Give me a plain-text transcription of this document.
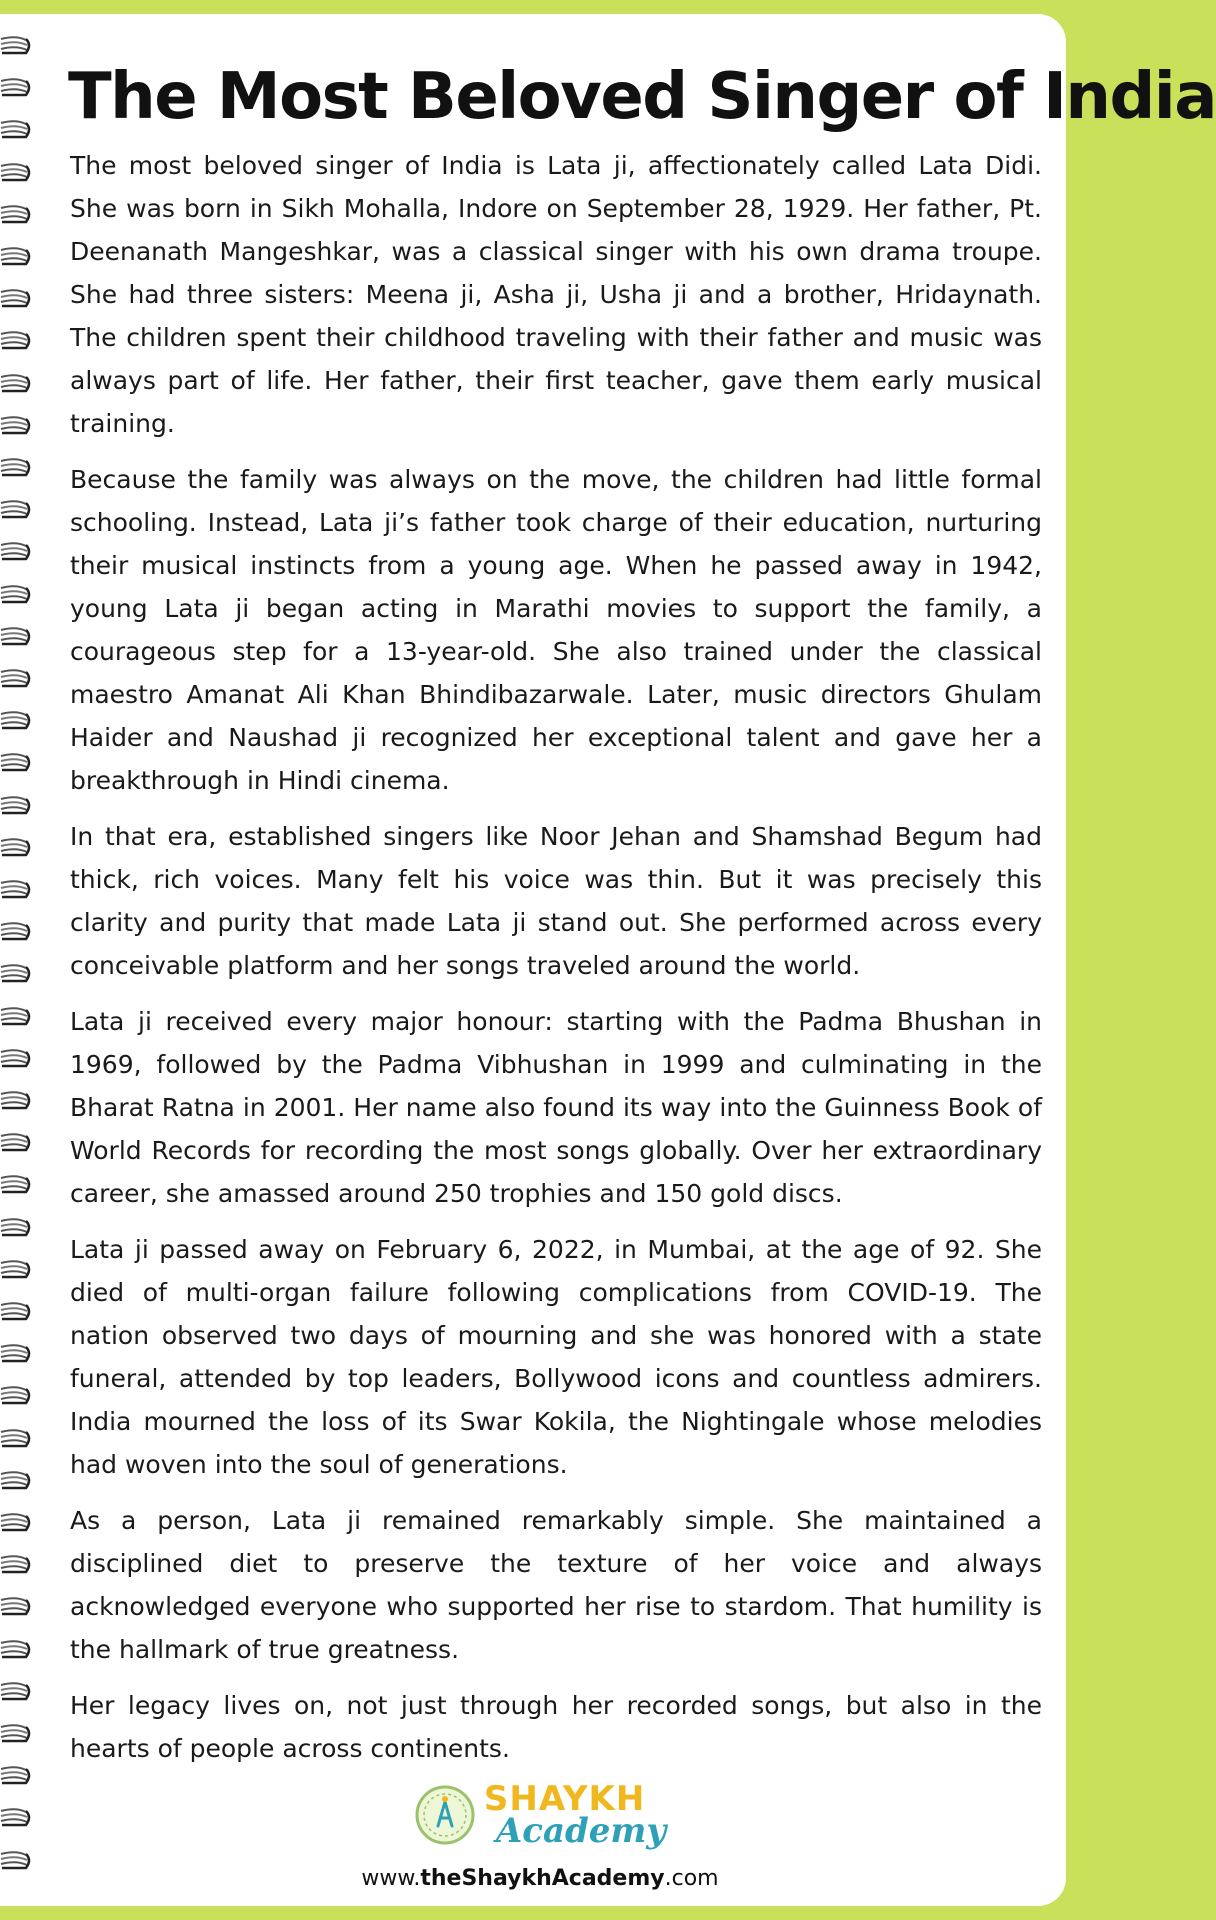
The Most Beloved Singer of India

The most beloved singer of India is Lata ji, affectionately called Lata Didi. She was born in Sikh Mohalla, Indore on September 28, 1929. Her father, Pt. Deenanath Mangeshkar, was a classical singer with his own drama troupe. She had three sisters: Meena ji, Asha ji, Usha ji and a brother, Hridaynath. The children spent their childhood traveling with their father and music was always part of life. Her father, their first teacher, gave them early musical training.

Because the family was always on the move, the children had little formal schooling. Instead, Lata ji’s father took charge of their education, nurturing their musical instincts from a young age. When he passed away in 1942, young Lata ji began acting in Marathi movies to support the family, a courageous step for a 13-year-old. She also trained under the classical maestro Amanat Ali Khan Bhindibazarwale. Later, music directors Ghulam Haider and Naushad ji recognized her exceptional talent and gave her a breakthrough in Hindi cinema.

In that era, established singers like Noor Jehan and Shamshad Begum had thick, rich voices. Many felt his voice was thin. But it was precisely this clarity and purity that made Lata ji stand out. She performed across every conceivable platform and her songs traveled around the world.

Lata ji received every major honour: starting with the Padma Bhushan in 1969, followed by the Padma Vibhushan in 1999 and culminating in the Bharat Ratna in 2001. Her name also found its way into the Guinness Book of World Records for recording the most songs globally. Over her extraordinary career, she amassed around 250 trophies and 150 gold discs.

Lata ji passed away on February 6, 2022, in Mumbai, at the age of 92. She died of multi-organ failure following complications from COVID-19. The nation observed two days of mourning and she was honored with a state funeral, attended by top leaders, Bollywood icons and countless admirers. India mourned the loss of its Swar Kokila, the Nightingale whose melodies had woven into the soul of generations.

As a person, Lata ji remained remarkably simple. She maintained a disciplined diet to preserve the texture of her voice and always acknowledged everyone who supported her rise to stardom. That humility is the hallmark of true greatness.

Her legacy lives on, not just through her recorded songs, but also in the hearts of people across continents.

SHAYKH
Academy
www.theShaykhAcademy.com
